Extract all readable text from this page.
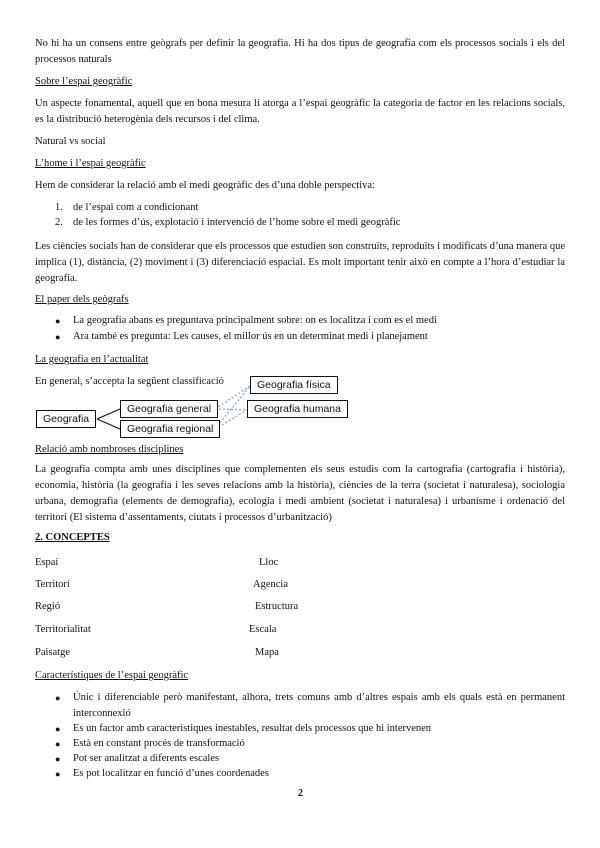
No hi ha un consens entre geògrafs per definir la geografia. Hi ha dos tipus de geografia com els processos socials i els del processos naturals

Sobre l’espai geogràfic

Un aspecte fonamental, aquell que en bona mesura li atorga a l’espai geogràfic la categoria de factor en les relacions socials, es la distribució heterogènia dels recursos i del clima.

Natural vs social

L’home i l’espai geogràfic

Hem de considerar la relació amb el medi geogràfic des d’una doble perspectiva:

1. de l’espai com a condicionant
2. de les formes d’ús, explotació i intervenció de l’home sobre el medi geogràfic

Les ciències socials han de considerar que els processos que estudien son construïts, reproduïts i modificats d’una manera que implica (1), distància, (2) moviment i (3) diferenciació espacial. Es molt important tenir això en compte a l’hora d’estudiar la geografia.

El paper dels geògrafs

● La geografia abans es preguntava principalment sobre: on es localitza i com es el medi
● Ara també es pregunta: Les causes, el millor ús en un determinat medi i planejament

La geografia en l’actualitat

En general, s’accepta la següent classificació

Geografia
Geografia general
Geografia regional
Geografia física
Geografia humana

Relació amb nombroses disciplines

La geografia compta amb unes disciplines que complementen els seus estudis com la cartografia (cartografia i història), economia, història (la geografia i les seves relacions amb la història), ciències de la terra (societat i naturalesa), sociologia urbana, demografia (elements de demografia), ecologia i medi ambient (societat i naturalesa) i urbanisme i ordenació del territori (El sistema d’assentaments, ciutats i processos d’urbanització)

2. CONCEPTES

Espai
Territori
Regió
Territorialitat
Paisatge
Lloc
Agencia
Estructura
Escala
Mapa

Característiques de l’espai geogràfic

● Únic i diferenciable però manifestant, alhora, trets comuns amb d’altres espais amb els quals està en permanent interconnexió
● Es un factor amb característiques inestables, resultat dels processos que hi intervenen
● Està en constant procés de transformació
● Pot ser analitzat a diferents escales
● Es pot localitzar en funció d’unes coordenades
2
